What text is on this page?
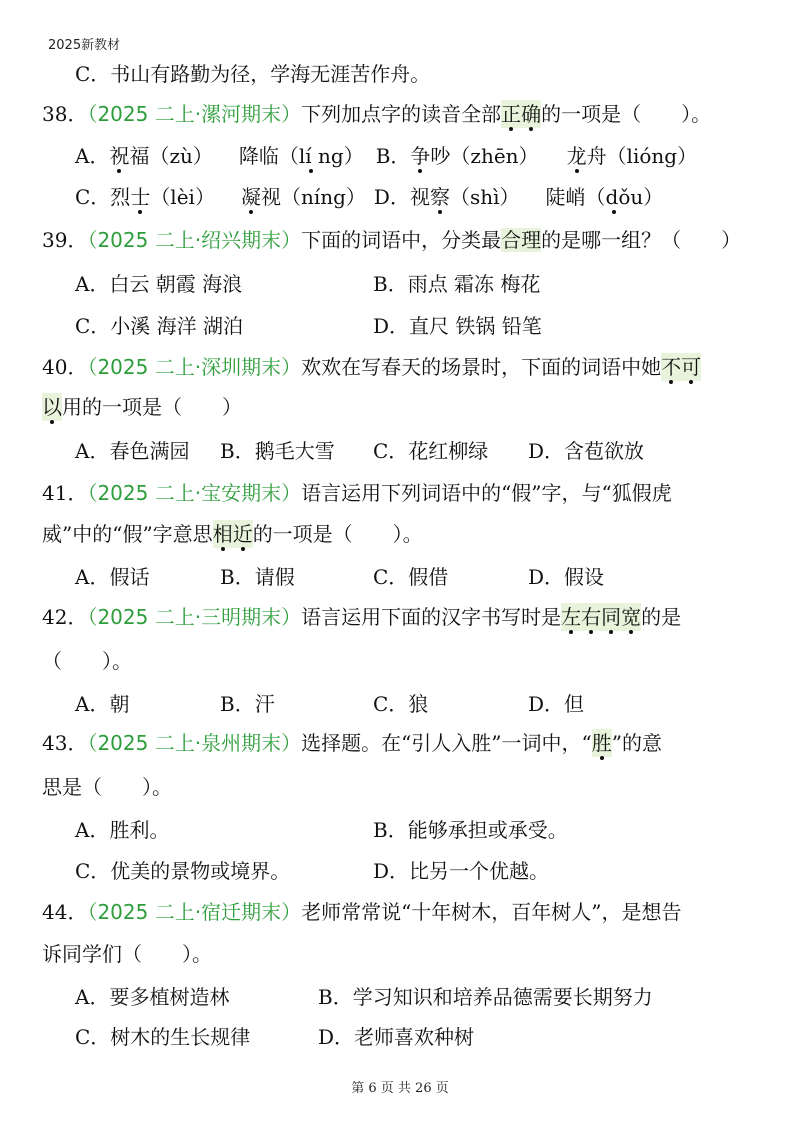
2025新教材
C．书山有路勤为径，学海无涯苦作舟。
38．（2025 二上·漯河期末）下列加点字的读音全部正确的一项是（　　）。
A．祝福（zù） 降临（lí ng） B．争吵（zhēn） 龙舟（lióng）
C．烈士（lèi） 凝视（níng） D．视察（shì） 陡峭（dǒu）
39．（2025 二上·绍兴期末）下面的词语中，分类最合理的是哪一组？（　　）
A．白云 朝霞 海浪	B．雨点 霜冻 梅花
C．小溪 海洋 湖泊	D．直尺 铁锅 铅笔
40．（2025 二上·深圳期末）欢欢在写春天的场景时，下面的词语中她不可
以用的一项是（　　）
A．春色满园 B．鹅毛大雪 C．花红柳绿 D．含苞欲放
41．（2025 二上·宝安期末）语言运用下列词语中的“假”字，与“狐假虎
威”中的“假”字意思相近的一项是（　　）。
A．假话	B．请假	C．假借	D．假设
42．（2025 二上·三明期末）语言运用下面的汉字书写时是左右同宽的是
（　　）。
A．朝	B．汗	C．狼	D．但
43．（2025 二上·泉州期末）选择题。在“引人入胜”一词中，“胜”的意
思是（　　）。
A．胜利。	B．能够承担或承受。
C．优美的景物或境界。	D．比另一个优越。
44．（2025 二上·宿迁期末）老师常常说“十年树木，百年树人”，是想告
诉同学们（　　）。
A．要多植树造林	B．学习知识和培养品德需要长期努力
C．树木的生长规律	D．老师喜欢种树
第 6 页 共 26 页
